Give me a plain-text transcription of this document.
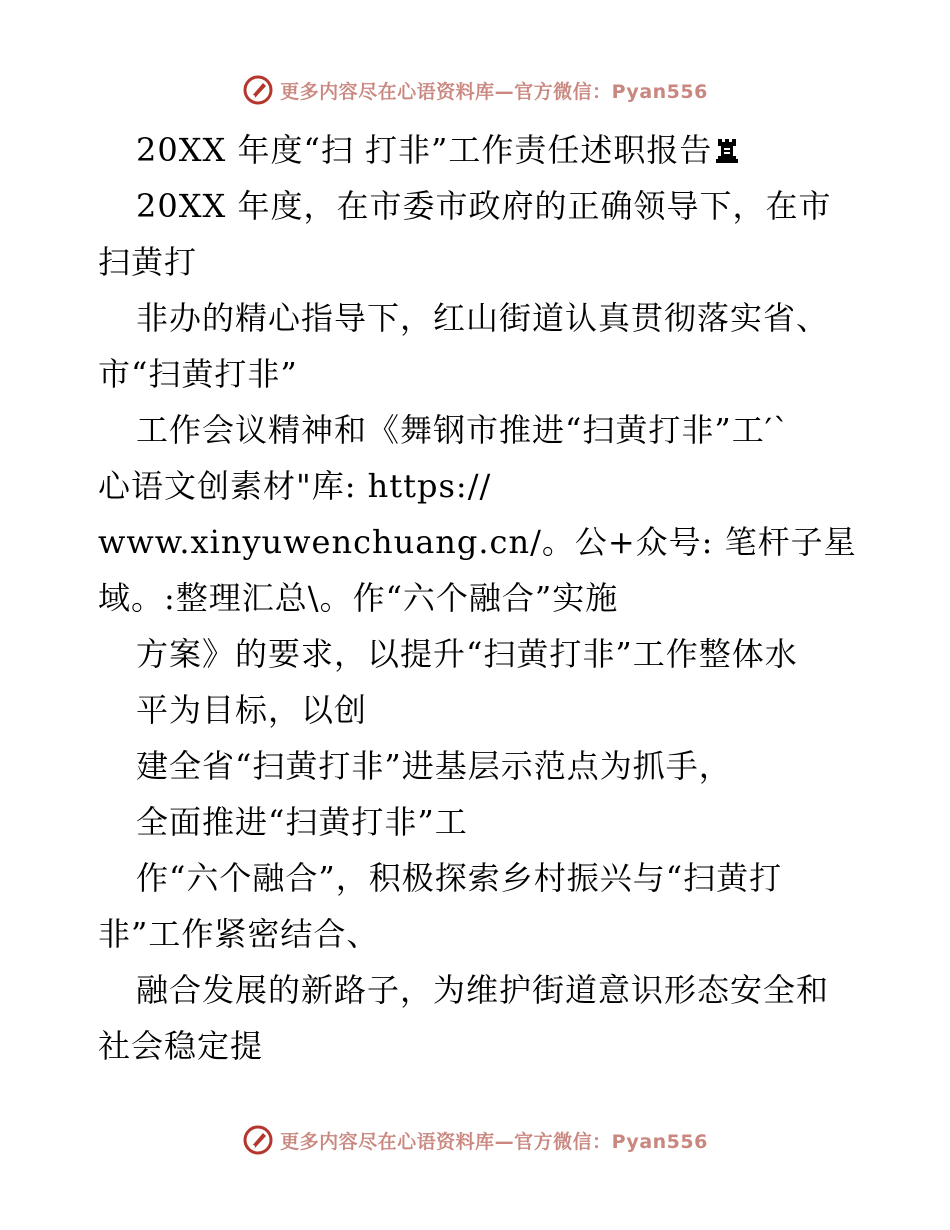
更多内容尽在心语资料库—官方微信：Pyan556
20XX 年度“扫 打非”工作责任述职报告
20XX 年度，在市委市政府的正确领导下，在市
扫黄打
非办的精心指导下，红山街道认真贯彻落实省、
市“扫黄打非”
工作会议精神和《舞钢市推进“扫黄打非”工′`
心语文创素材"库: https://
www.xinyuwenchuang.cn/。公+众号: 笔杆子星
域。:整理汇总\。作“六个融合”实施
方案》的要求，以提升“扫黄打非”工作整体水
平为目标，以创
建全省“扫黄打非”进基层示范点为抓手，
全面推进“扫黄打非”工
作“六个融合”，积极探索乡村振兴与“扫黄打
非”工作紧密结合、
融合发展的新路子，为维护街道意识形态安全和
社会稳定提
更多内容尽在心语资料库—官方微信：Pyan556
